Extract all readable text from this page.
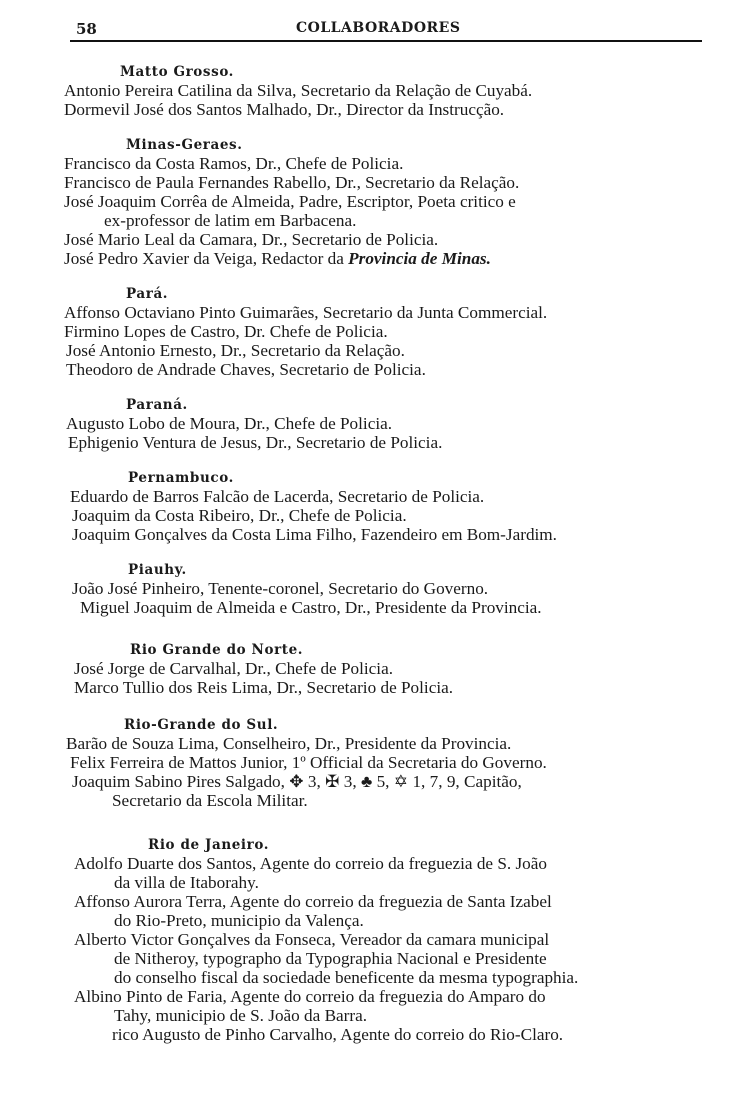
58	COLLABORADORES
Matto Grosso.
Antonio Pereira Catilina da Silva, Secretario da Relação de Cuyabá.
Dormevil José dos Santos Malhado, Dr., Director da Instrucção.
Minas-Geraes.
Francisco da Costa Ramos, Dr., Chefe de Policia.
Francisco de Paula Fernandes Rabello, Dr., Secretario da Relação.
José Joaquim Corrêa de Almeida, Padre, Escriptor, Poeta critico e
ex-professor de latim em Barbacena.
José Mario Leal da Camara, Dr., Secretario de Policia.
José Pedro Xavier da Veiga, Redactor da Provincia de Minas.
Pará.
Affonso Octaviano Pinto Guimarães, Secretario da Junta Commercial.
Firmino Lopes de Castro, Dr. Chefe de Policia.
José Antonio Ernesto, Dr., Secretario da Relação.
Theodoro de Andrade Chaves, Secretario de Policia.
Paraná.
Augusto Lobo de Moura, Dr., Chefe de Policia.
Ephigenio Ventura de Jesus, Dr., Secretario de Policia.
Pernambuco.
Eduardo de Barros Falcão de Lacerda, Secretario de Policia.
Joaquim da Costa Ribeiro, Dr., Chefe de Policia.
Joaquim Gonçalves da Costa Lima Filho, Fazendeiro em Bom-Jardim.
Piauhy.
João José Pinheiro, Tenente-coronel, Secretario do Governo.
Miguel Joaquim de Almeida e Castro, Dr., Presidente da Provincia.
Rio Grande do Norte.
José Jorge de Carvalhal, Dr., Chefe de Policia.
Marco Tullio dos Reis Lima, Dr., Secretario de Policia.
Rio-Grande do Sul.
Barão de Souza Lima, Conselheiro, Dr., Presidente da Provincia.
Felix Ferreira de Mattos Junior, 1º Official da Secretaria do Governo.
Joaquim Sabino Pires Salgado, ✥ 3, ✠ 3, ♣ 5, ✡ 1, 7, 9, Capitão,
Secretario da Escola Militar.
Rio de Janeiro.
Adolfo Duarte dos Santos, Agente do correio da freguezia de S. João
da villa de Itaborahy.
Affonso Aurora Terra, Agente do correio da freguezia de Santa Izabel
do Rio-Preto, municipio da Valença.
Alberto Victor Gonçalves da Fonseca, Vereador da camara municipal
de Nitheroy, typographo da Typographia Nacional e Presidente
do conselho fiscal da sociedade beneficente da mesma typographia.
Albino Pinto de Faria, Agente do correio da freguezia do Amparo do
Tahy, municipio de S. João da Barra.
rico Augusto de Pinho Carvalho, Agente do correio do Rio-Claro.
